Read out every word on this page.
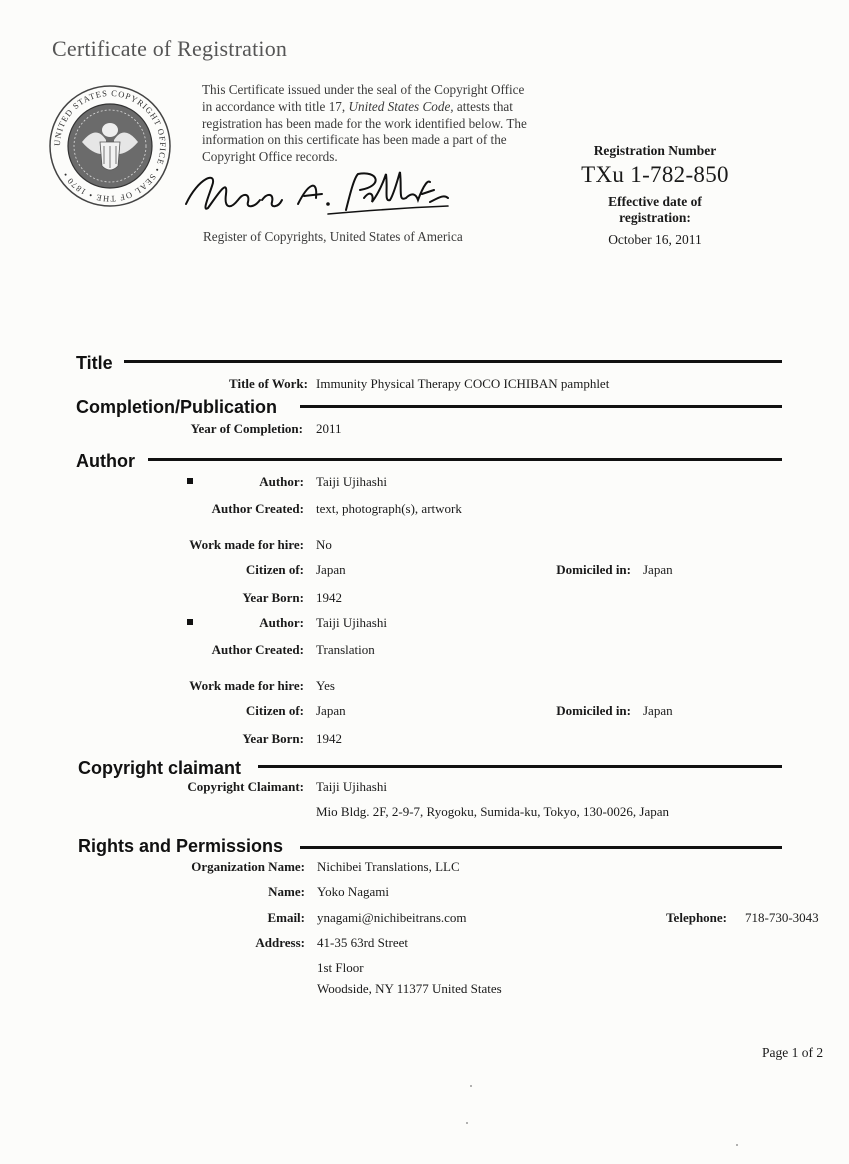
Certificate of Registration
UNITED STATES COPYRIGHT OFFICE • SEAL OF THE • 1870 •
This Certificate issued under the seal of the Copyright Office in accordance with title 17, United States Code, attests that registration has been made for the work identified below. The information on this certificate has been made a part of the Copyright Office records.
Register of Copyrights, United States of America
Registration Number
TXu 1-782-850
Effective date of
registration:
October 16, 2011
Title
Title of Work: Immunity Physical Therapy COCO ICHIBAN pamphlet
Completion/Publication
Year of Completion: 2011
Author
Author: Taiji Ujihashi
Author Created: text, photograph(s), artwork
Work made for hire: No
Citizen of: Japan	Domiciled in: Japan
Year Born: 1942
Author: Taiji Ujihashi
Author Created: Translation
Work made for hire: Yes
Citizen of: Japan	Domiciled in: Japan
Year Born: 1942
Copyright claimant
Copyright Claimant: Taiji Ujihashi
Mio Bldg. 2F, 2-9-7, Ryogoku, Sumida-ku, Tokyo, 130-0026, Japan
Rights and Permissions
Organization Name: Nichibei Translations, LLC
Name: Yoko Nagami
Email: ynagami@nichibeitrans.com	Telephone: 718-730-3043
Address: 41-35 63rd Street
1st Floor
Woodside, NY 11377 United States
Page 1 of 2
